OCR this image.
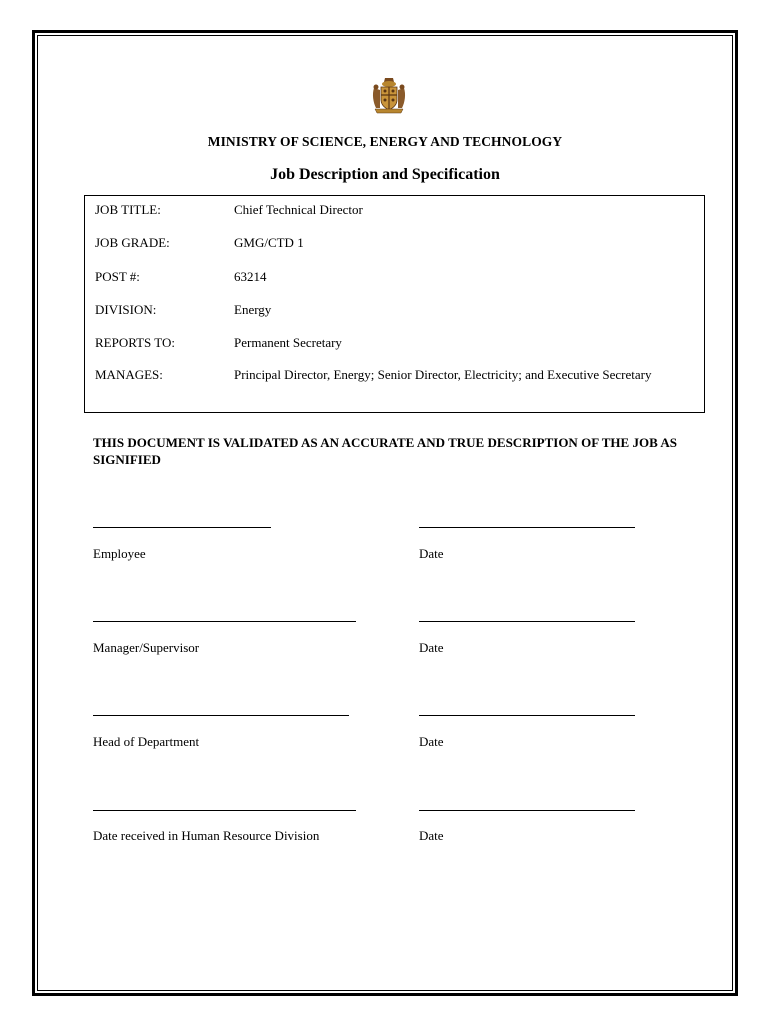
MINISTRY OF SCIENCE, ENERGY AND TECHNOLOGY
Job Description and Specification
JOB TITLE:	Chief Technical Director
JOB GRADE:	GMG/CTD 1
POST #:	63214
DIVISION:	Energy
REPORTS TO:	Permanent Secretary
MANAGES:	Principal Director, Energy; Senior Director, Electricity; and Executive Secretary
THIS DOCUMENT IS VALIDATED AS AN ACCURATE AND TRUE DESCRIPTION OF THE JOB AS SIGNIFIED
Employee	Date
Manager/Supervisor	Date
Head of Department	Date
Date received in Human Resource Division	Date
